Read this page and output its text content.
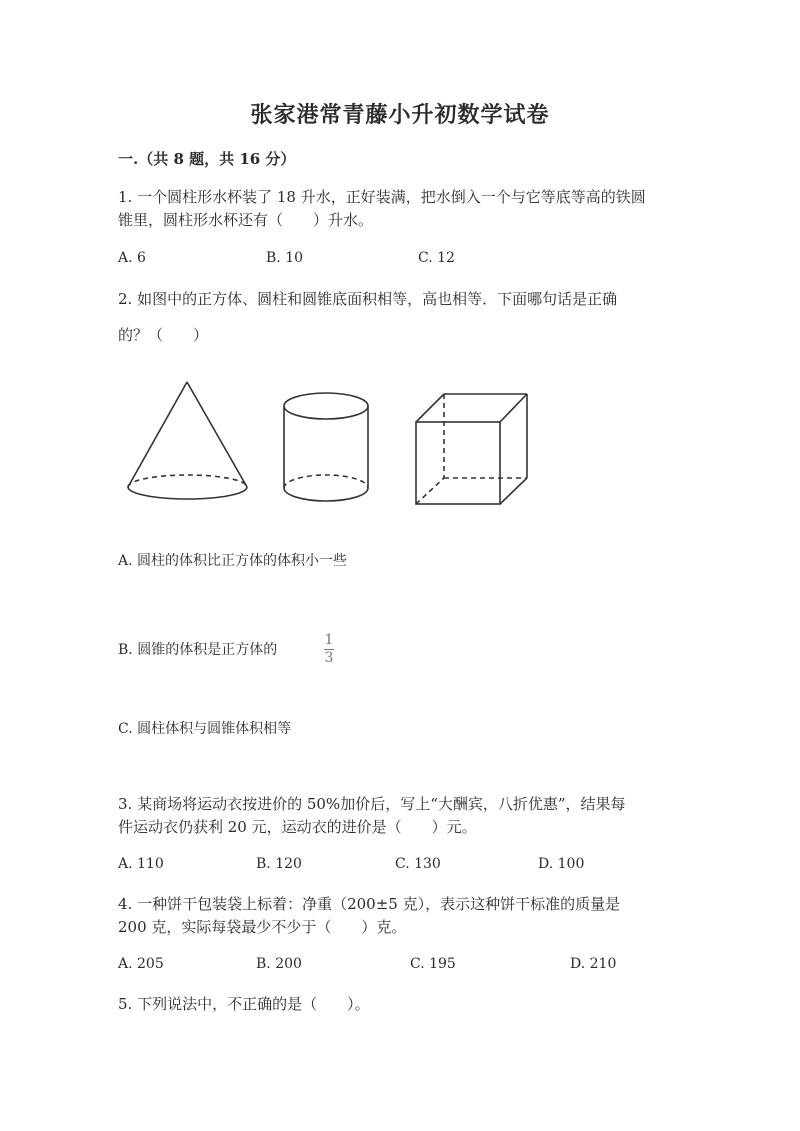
张家港常青藤小升初数学试卷
一.（共 8 题，共 16 分）
1. 一个圆柱形水杯装了 18 升水，正好装满，把水倒入一个与它等底等高的铁圆
锥里，圆柱形水杯还有（　　）升水。
A. 6	B. 10	C. 12
2. 如图中的正方体、圆柱和圆锥底面积相等，高也相等．下面哪句话是正确
的？（　　）
A. 圆柱的体积比正方体的体积小一些
B. 圆锥的体积是正方体的
1
3
C. 圆柱体积与圆锥体积相等
3. 某商场将运动衣按进价的 50%加价后，写上“大酬宾，八折优惠”，结果每
件运动衣仍获利 20 元，运动衣的进价是（　　）元。
A. 110	B. 120	C. 130	D. 100
4. 一种饼干包装袋上标着：净重（200±5 克），表示这种饼干标准的质量是
200 克，实际每袋最少不少于（　　）克。
A. 205	B. 200	C. 195	D. 210
5. 下列说法中，不正确的是（　　）。
